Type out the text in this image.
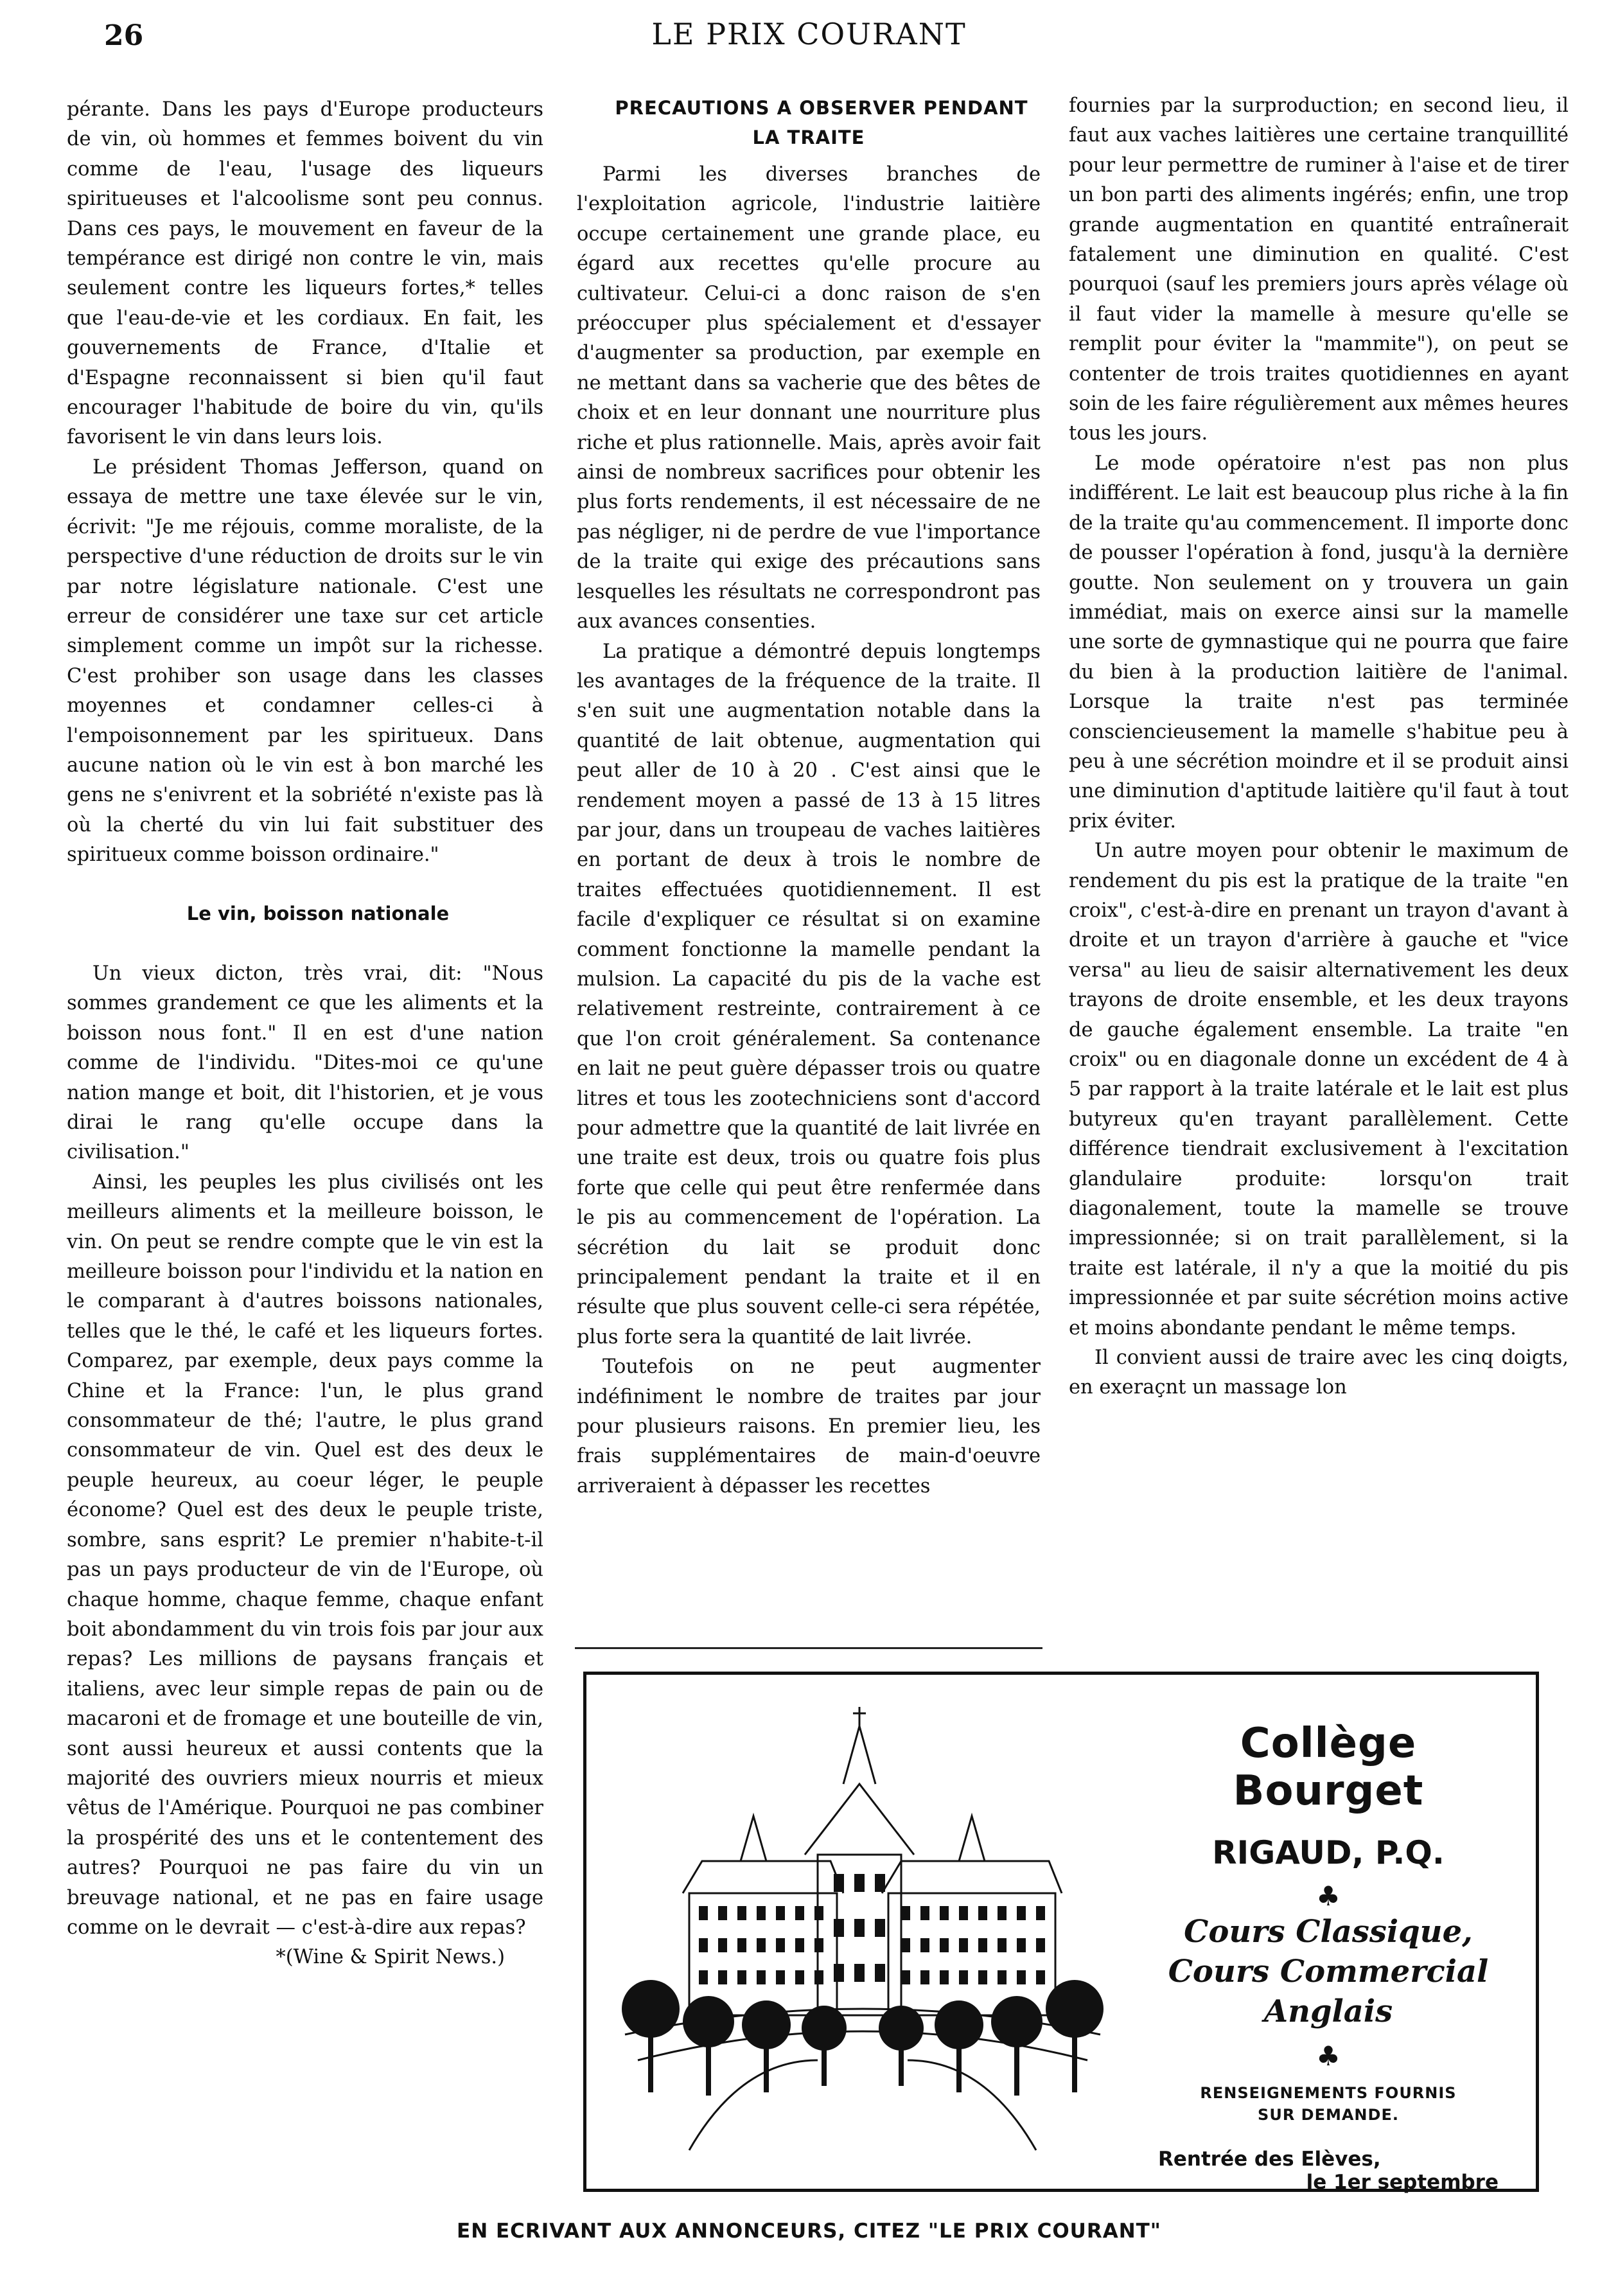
26	LE PRIX COURANT

pérante. Dans les pays d'Europe producteurs de vin, où hommes et femmes boivent du vin comme de l'eau, l'usage des liqueurs spiritueuses et l'alcoolisme sont peu connus. Dans ces pays, le mouvement en faveur de la tempérance est dirigé non contre le vin, mais seulement contre les liqueurs fortes,* telles que l'eau-de-vie et les cordiaux. En fait, les gouvernements de France, d'Italie et d'Espagne reconnaissent si bien qu'il faut encourager l'habitude de boire du vin, qu'ils favorisent le vin dans leurs lois.

Le président Thomas Jefferson, quand on essaya de mettre une taxe élevée sur le vin, écrivit: "Je me réjouis, comme moraliste, de la perspective d'une réduction de droits sur le vin par notre législature nationale. C'est une erreur de considérer une taxe sur cet article simplement comme un impôt sur la richesse. C'est prohiber son usage dans les classes moyennes et condamner celles-ci à l'empoisonnement par les spiritueux. Dans aucune nation où le vin est à bon marché les gens ne s'enivrent et la sobriété n'existe pas là où la cherté du vin lui fait substituer des spiritueux comme boisson ordinaire."

Le vin, boisson nationale

Un vieux dicton, très vrai, dit: "Nous sommes grandement ce que les aliments et la boisson nous font." Il en est d'une nation comme de l'individu. "Dites-moi ce qu'une nation mange et boit, dit l'historien, et je vous dirai le rang qu'elle occupe dans la civilisation."

Ainsi, les peuples les plus civilisés ont les meilleurs aliments et la meilleure boisson, le vin. On peut se rendre compte que le vin est la meilleure boisson pour l'individu et la nation en le comparant à d'autres boissons nationales, telles que le thé, le café et les liqueurs fortes. Comparez, par exemple, deux pays comme la Chine et la France: l'un, le plus grand consommateur de thé; l'autre, le plus grand consommateur de vin. Quel est des deux le peuple heureux, au coeur léger, le peuple économe? Quel est des deux le peuple triste, sombre, sans esprit? Le premier n'habite-t-il pas un pays producteur de vin de l'Europe, où chaque homme, chaque femme, chaque enfant boit abondamment du vin trois fois par jour aux repas? Les millions de paysans français et italiens, avec leur simple repas de pain ou de macaroni et de fromage et une bouteille de vin, sont aussi heureux et aussi contents que la majorité des ouvriers mieux nourris et mieux vêtus de l'Amérique. Pourquoi ne pas combiner la prospérité des uns et le contentement des autres? Pourquoi ne pas faire du vin un breuvage national, et ne pas en faire usage comme on le devrait — c'est-à-dire aux repas?

*(Wine & Spirit News.)

PRECAUTIONS A OBSERVER PENDANT LA TRAITE

Parmi les diverses branches de l'exploitation agricole, l'industrie laitière occupe certainement une grande place, eu égard aux recettes qu'elle procure au cultivateur. Celui-ci a donc raison de s'en préoccuper plus spécialement et d'essayer d'augmenter sa production, par exemple en ne mettant dans sa vacherie que des bêtes de choix et en leur donnant une nourriture plus riche et plus rationnelle. Mais, après avoir fait ainsi de nombreux sacrifices pour obtenir les plus forts rendements, il est nécessaire de ne pas négliger, ni de perdre de vue l'importance de la traite qui exige des précautions sans lesquelles les résultats ne correspondront pas aux avances consenties.

La pratique a démontré depuis longtemps les avantages de la fréquence de la traite. Il s'en suit une augmentation notable dans la quantité de lait obtenue, augmentation qui peut aller de 10 à 20 . C'est ainsi que le rendement moyen a passé de 13 à 15 litres par jour, dans un troupeau de vaches laitières en portant de deux à trois le nombre de traites effectuées quotidiennement. Il est facile d'expliquer ce résultat si on examine comment fonctionne la mamelle pendant la mulsion. La capacité du pis de la vache est relativement restreinte, contrairement à ce que l'on croit généralement. Sa contenance en lait ne peut guère dépasser trois ou quatre litres et tous les zootechniciens sont d'accord pour admettre que la quantité de lait livrée en une traite est deux, trois ou quatre fois plus forte que celle qui peut être renfermée dans le pis au commencement de l'opération. La sécrétion du lait se produit donc principalement pendant la traite et il en résulte que plus souvent celle-ci sera répétée, plus forte sera la quantité de lait livrée.

Toutefois on ne peut augmenter indéfiniment le nombre de traites par jour pour plusieurs raisons. En premier lieu, les frais supplémentaires de main-d'oeuvre arriveraient à dépasser les recettes

fournies par la surproduction; en second lieu, il faut aux vaches laitières une certaine tranquillité pour leur permettre de ruminer à l'aise et de tirer un bon parti des aliments ingérés; enfin, une trop grande augmentation en quantité entraînerait fatalement une diminution en qualité. C'est pourquoi (sauf les premiers jours après vélage où il faut vider la mamelle à mesure qu'elle se remplit pour éviter la "mammite"), on peut se contenter de trois traites quotidiennes en ayant soin de les faire régulièrement aux mêmes heures tous les jours.

Le mode opératoire n'est pas non plus indifférent. Le lait est beaucoup plus riche à la fin de la traite qu'au commencement. Il importe donc de pousser l'opération à fond, jusqu'à la dernière goutte. Non seulement on y trouvera un gain immédiat, mais on exerce ainsi sur la mamelle une sorte de gymnastique qui ne pourra que faire du bien à la production laitière de l'animal. Lorsque la traite n'est pas terminée consciencieusement la mamelle s'habitue peu à peu à une sécrétion moindre et il se produit ainsi une diminution d'aptitude laitière qu'il faut à tout prix éviter.

Un autre moyen pour obtenir le maximum de rendement du pis est la pratique de la traite "en croix", c'est-à-dire en prenant un trayon d'avant à droite et un trayon d'arrière à gauche et "vice versa" au lieu de saisir alternativement les deux trayons de droite ensemble, et les deux trayons de gauche également ensemble. La traite "en croix" ou en diagonale donne un excédent de 4 à 5 par rapport à la traite latérale et le lait est plus butyreux qu'en trayant parallèlement. Cette différence tiendrait exclusivement à l'excitation glandulaire produite: lorsqu'on trait diagonalement, toute la mamelle se trouve impressionnée; si on trait parallèlement, si la traite est latérale, il n'y a que la moitié du pis impressionnée et par suite sécrétion moins active et moins abondante pendant le même temps.

Il convient aussi de traire avec les cinq doigts, en exeraçnt un massage lon

Collège Bourget
RIGAUD, P.Q.
♣
Cours Classique,
Cours Commercial
Anglais
♣
RENSEIGNEMENTS FOURNIS
SUR DEMANDE.
Rentrée des Elèves,
le 1er septembre
EN ECRIVANT AUX ANNONCEURS, CITEZ "LE PRIX COURANT"
